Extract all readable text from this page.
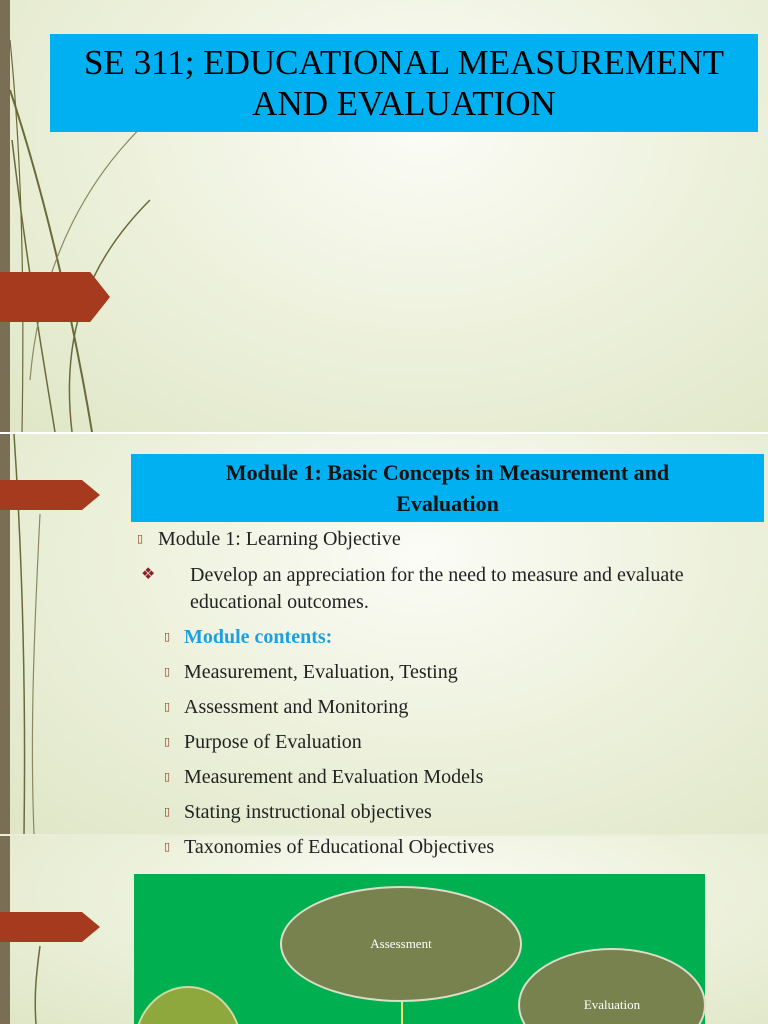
SE 311; EDUCATIONAL MEASUREMENT
AND EVALUATION
Module 1: Basic Concepts in Measurement and
Evaluation
▯ Module 1: Learning Objective
❖ Develop an appreciation for the need to measure and evaluate
educational outcomes.
▯ Module contents:
▯ Measurement, Evaluation, Testing
▯ Assessment and Monitoring
▯ Purpose of Evaluation
▯ Measurement and Evaluation Models
▯ Stating instructional objectives
▯ Taxonomies of Educational Objectives
Assessment
Evaluation
